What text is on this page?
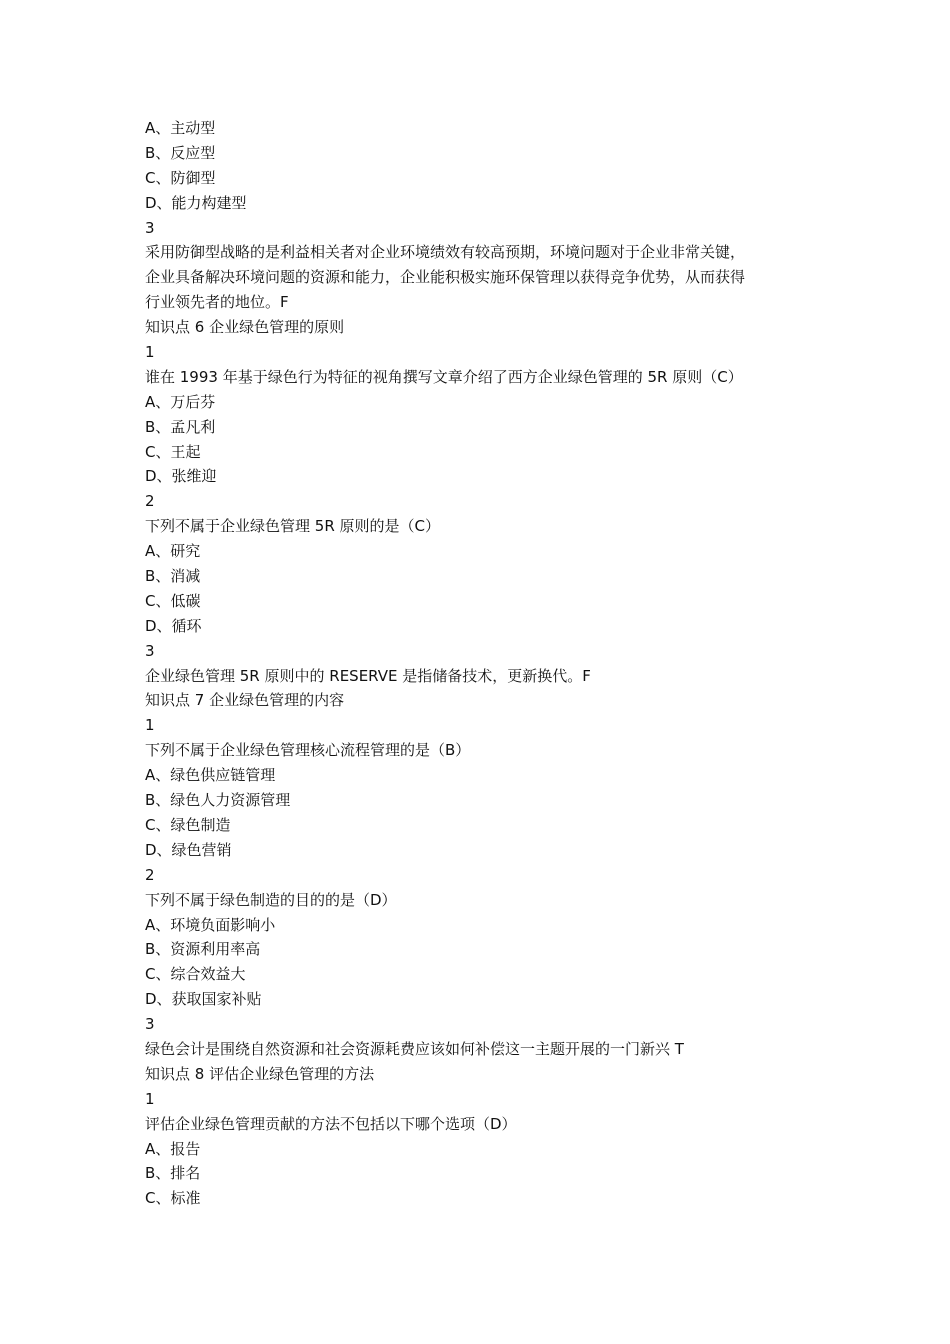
A、主动型
B、反应型
C、防御型
D、能力构建型
3
采用防御型战略的是利益相关者对企业环境绩效有较高预期，环境问题对于企业非常关键，
企业具备解决环境问题的资源和能力，企业能积极实施环保管理以获得竞争优势，从而获得
行业领先者的地位。F
知识点 6 企业绿色管理的原则
1
谁在 1993 年基于绿色行为特征的视角撰写文章介绍了西方企业绿色管理的 5R 原则（C）
A、万后芬
B、孟凡利
C、王起
D、张维迎
2
下列不属于企业绿色管理 5R 原则的是（C）
A、研究
B、消减
C、低碳
D、循环
3
企业绿色管理 5R 原则中的 RESERVE 是指储备技术，更新换代。F
知识点 7 企业绿色管理的内容
1
下列不属于企业绿色管理核心流程管理的是（B）
A、绿色供应链管理
B、绿色人力资源管理
C、绿色制造
D、绿色营销
2
下列不属于绿色制造的目的的是（D）
A、环境负面影响小
B、资源利用率高
C、综合效益大
D、获取国家补贴
3
绿色会计是围绕自然资源和社会资源耗费应该如何补偿这一主题开展的一门新兴 T
知识点 8 评估企业绿色管理的方法
1
评估企业绿色管理贡献的方法不包括以下哪个选项（D）
A、报告
B、排名
C、标准
